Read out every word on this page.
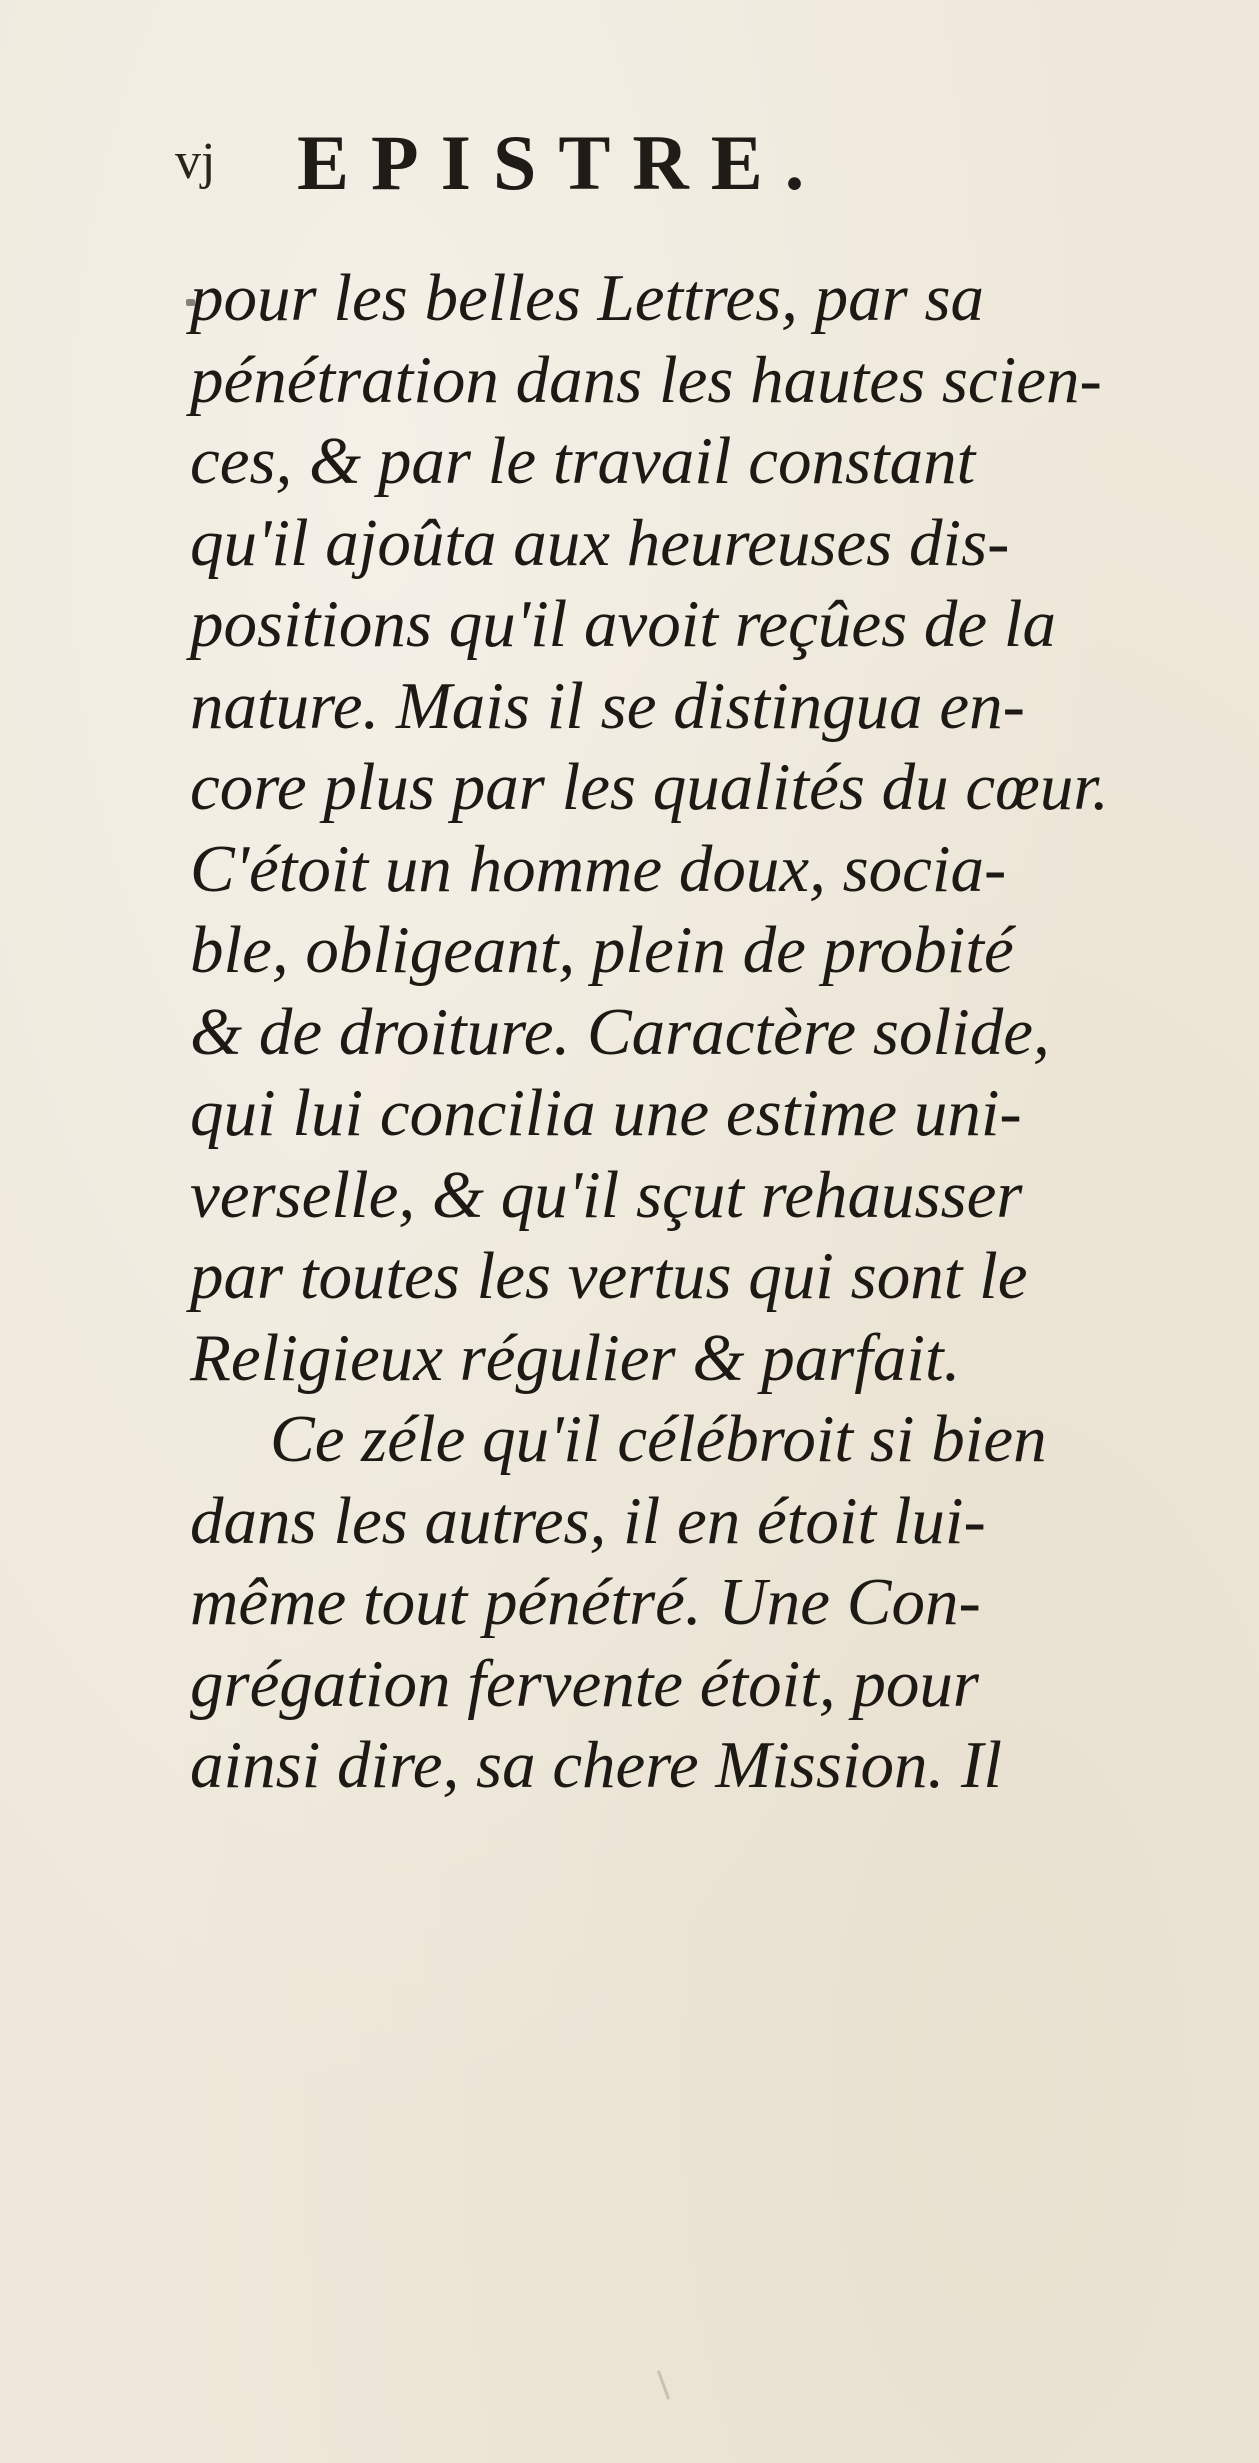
vj EPISTRE.
pour les belles Lettres, par sa
pénétration dans les hautes scien-
ces, & par le travail constant
qu'il ajoûta aux heureuses dis-
positions qu'il avoit reçûes de la
nature. Mais il se distingua en-
core plus par les qualités du cœur.
C'étoit un homme doux, socia-
ble, obligeant, plein de probité
& de droiture. Caractère solide,
qui lui concilia une estime uni-
verselle, & qu'il sçut rehausser
par toutes les vertus qui sont le
Religieux régulier & parfait.
Ce zéle qu'il célébroit si bien
dans les autres, il en étoit lui-
même tout pénétré. Une Con-
grégation fervente étoit, pour
ainsi dire, sa chere Mission. Il
